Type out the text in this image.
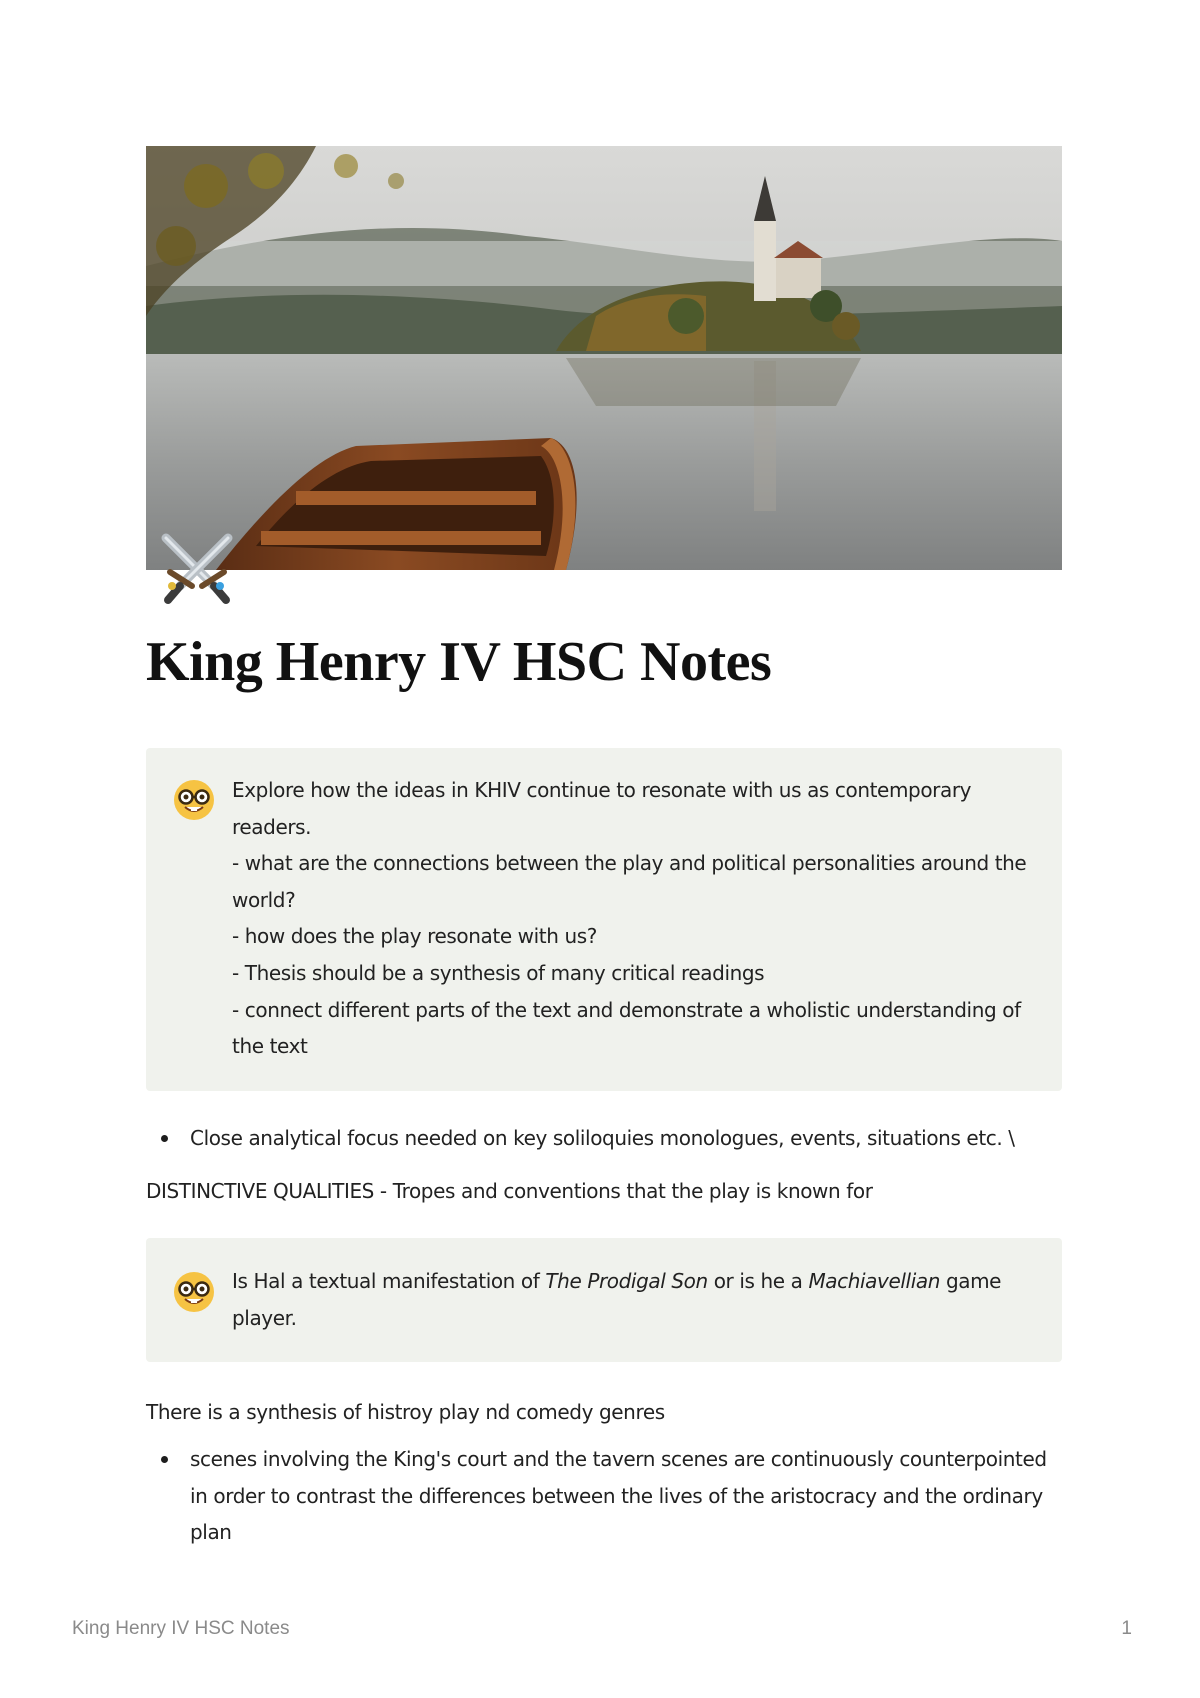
King Henry IV HSC Notes
Explore how the ideas in KHIV continue to resonate with us as contemporary
readers.
- what are the connections between the play and political personalities around the
world?
- how does the play resonate with us?
- Thesis should be a synthesis of many critical readings
- connect different parts of the text and demonstrate a wholistic understanding of
the text
Close analytical focus needed on key soliloquies monologues, events, situations etc. \
DISTINCTIVE QUALITIES - Tropes and conventions that the play is known for
Is Hal a textual manifestation of The Prodigal Son or is he a Machiavellian game
player.
There is a synthesis of histroy play nd comedy genres
scenes involving the King's court and the tavern scenes are continuously counterpointed
in order to contrast the differences between the lives of the aristocracy and the ordinary
plan
King Henry IV HSC Notes	1
